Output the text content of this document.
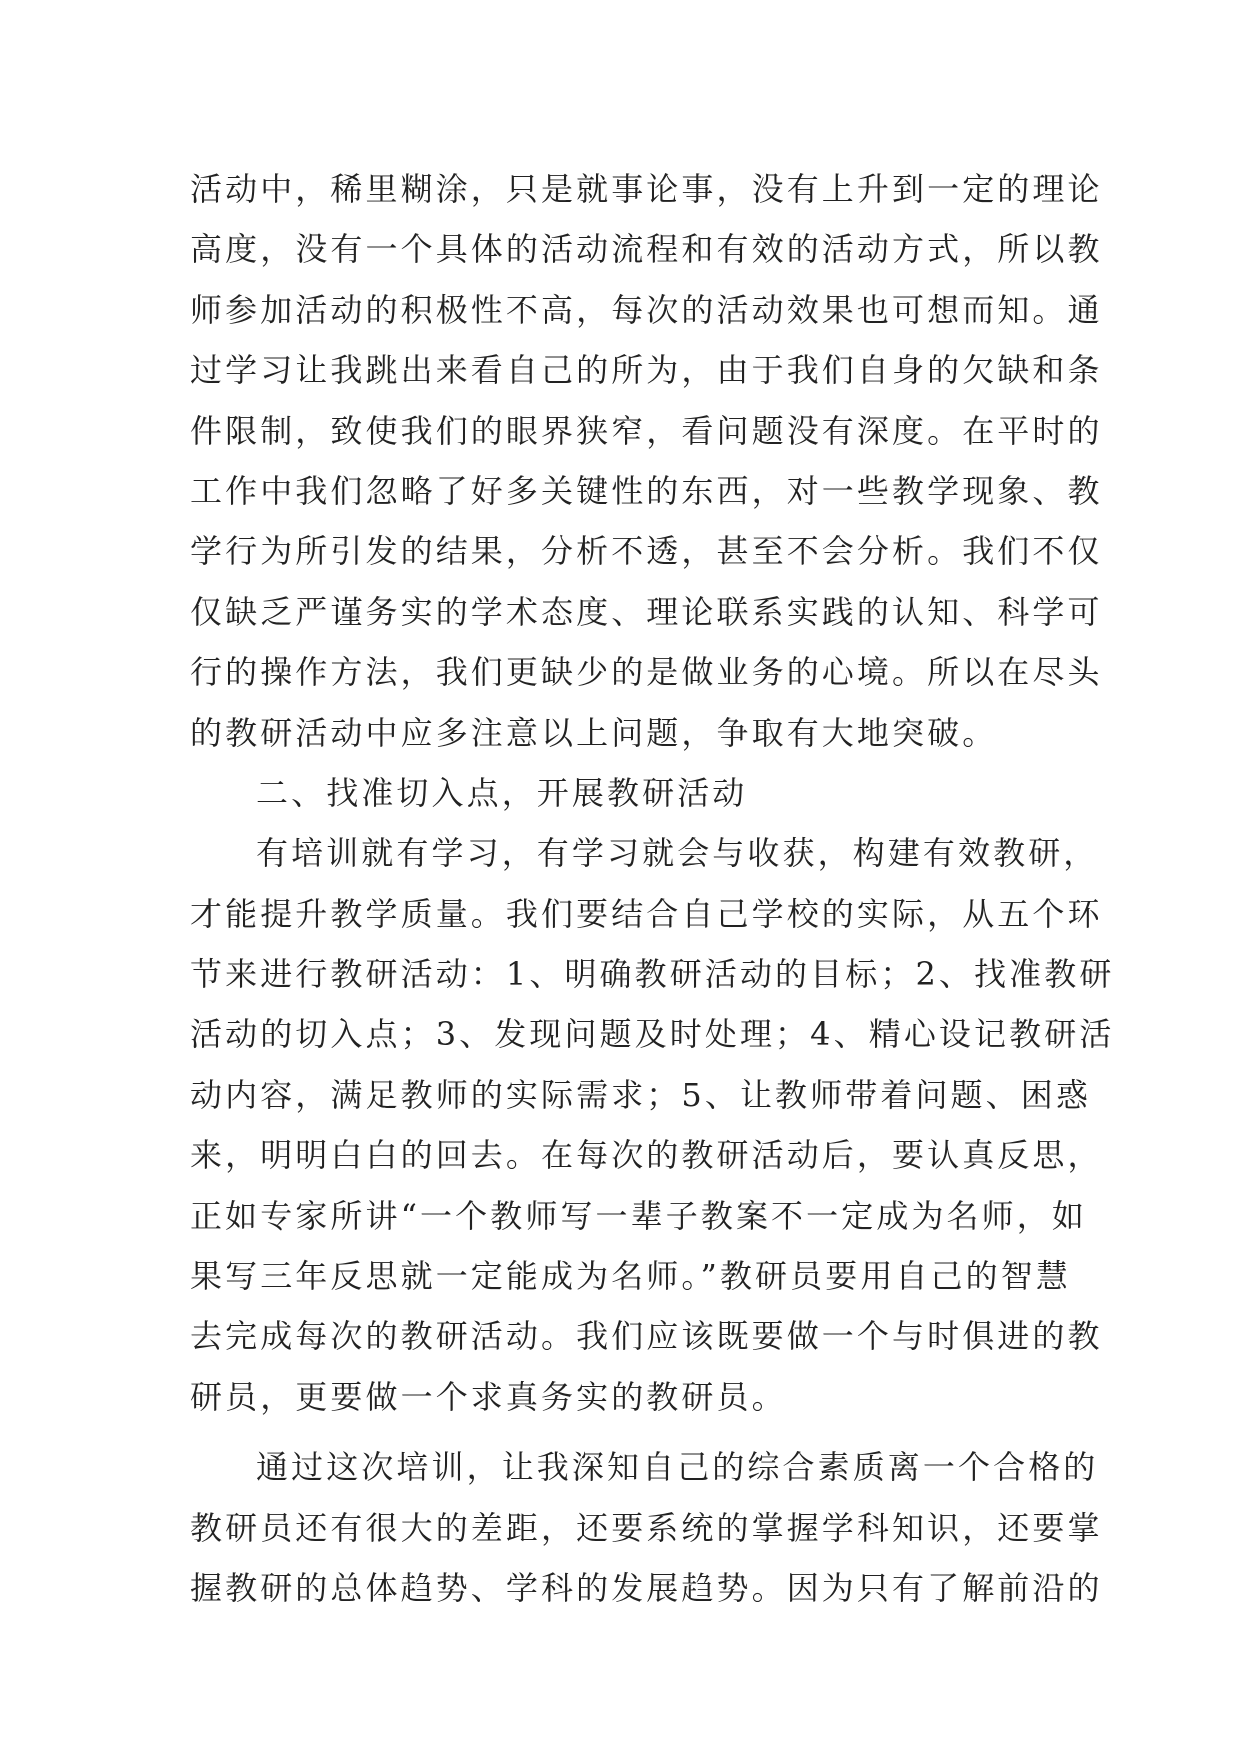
活动中，稀里糊涂，只是就事论事，没有上升到一定的理论
高度，没有一个具体的活动流程和有效的活动方式，所以教
师参加活动的积极性不高，每次的活动效果也可想而知。通
过学习让我跳出来看自己的所为，由于我们自身的欠缺和条
件限制，致使我们的眼界狭窄，看问题没有深度。在平时的
工作中我们忽略了好多关键性的东西，对一些教学现象、教
学行为所引发的结果，分析不透，甚至不会分析。我们不仅
仅缺乏严谨务实的学术态度、理论联系实践的认知、科学可
行的操作方法，我们更缺少的是做业务的心境。所以在尽头
的教研活动中应多注意以上问题，争取有大地突破。
二、找准切入点，开展教研活动
有培训就有学习，有学习就会与收获，构建有效教研，
才能提升教学质量。我们要结合自己学校的实际，从五个环
节来进行教研活动：1、明确教研活动的目标；2、找准教研
活动的切入点；3、发现问题及时处理；4、精心设记教研活
动内容，满足教师的实际需求；5、让教师带着问题、困惑
来，明明白白的回去。在每次的教研活动后，要认真反思，
正如专家所讲“一个教师写一辈子教案不一定成为名师，如
果写三年反思就一定能成为名师。”教研员要用自己的智慧
去完成每次的教研活动。我们应该既要做一个与时俱进的教
研员，更要做一个求真务实的教研员。
通过这次培训，让我深知自己的综合素质离一个合格的
教研员还有很大的差距，还要系统的掌握学科知识，还要掌
握教研的总体趋势、学科的发展趋势。因为只有了解前沿的
